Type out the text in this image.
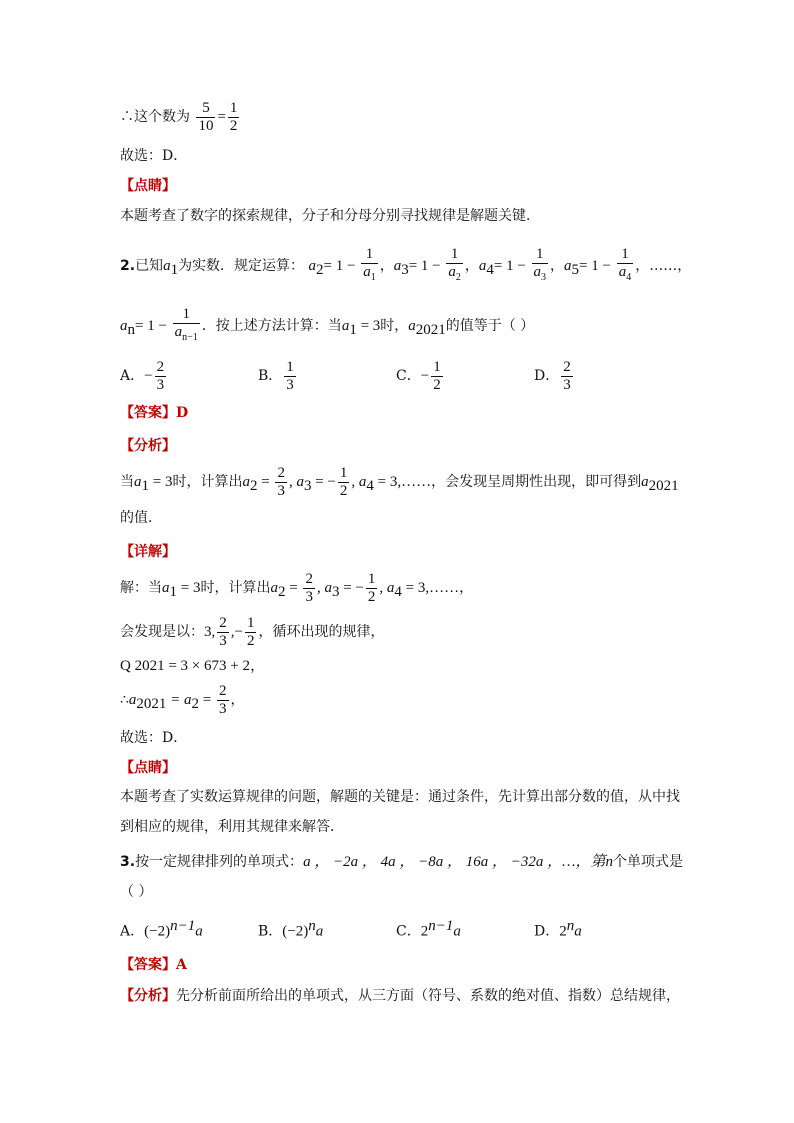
∴这个数为 $\frac{5}{10} = \frac{1}{2}$
故选：D．
【点睛】
本题考查了数字的探索规律，分子和分母分别寻找规律是解题关键．
2.已知$a_1$为实数．规定运算： $a_2= 1 - \frac{1}{a_1}$ ，$a_3= 1 - \frac{1}{a_2}$ ，$a_4= 1 - \frac{1}{a_3}$ ，$a_5= 1 - \frac{1}{a_4}$ ，……，
$a_n= 1 - \frac{1}{a_{n-1}}$ ．按上述方法计算：当$a_1 = 3$时，$a_{2021}$的值等于（ ）
A．− $\frac{2}{3}$	B． $\frac{1}{3}$	C．− $\frac{1}{2}$	D． $\frac{2}{3}$
【答案】D
【分析】
当$a_1 = 3$时，计算出$a_2 = \frac{2}{3}$ , $a_3$ = − $\frac{1}{2}$ , $a_4$ = 3,……，会发现呈周期性出现，即可得到$a_{2021}$
的值．
【详解】
解：当$a_1 = 3$时，计算出$a_2 = \frac{2}{3}$ , $a_3$ = − $\frac{1}{2}$ , $a_4$ = 3,……，
会发现是以：3, $\frac{2}{3}$ ,− $\frac{1}{2}$ ，循环出现的规律，
Q 2021 = 3 × 673 + 2，
$\therefore a_{2021} = a_2 = \frac{2}{3}$ ，
故选：D．
【点睛】
本题考查了实数运算规律的问题，解题的关键是：通过条件，先计算出部分数的值，从中找到相应的规律，利用其规律来解答．
3.按一定规律排列的单项式：a ， −2a ， 4a ， −8a ， 16a ， −32a ，…，第n个单项式是
（ ）
A．$(-2)^{n-1}a$	B．$(-2)^na$	C．$2^{n-1}a$	D．2$^n$a
【答案】A
【分析】先分析前面所给出的单项式，从三方面（符号、系数的绝对值、指数）总结规律，
